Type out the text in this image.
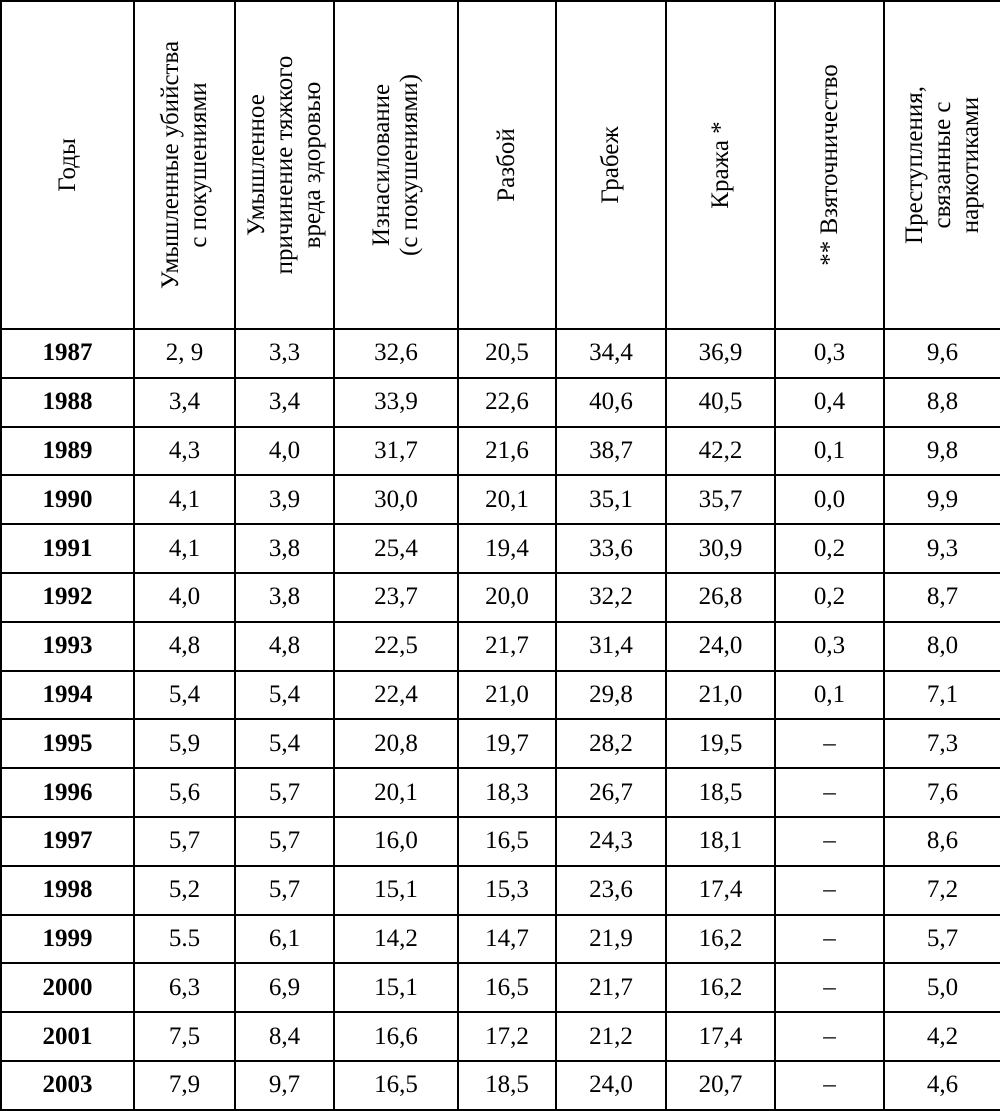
Годы	Умышленные убийства
с покушениями	Умышленное
причинение тяжкого
вреда здоровью	Изнасилование
(с покушениями)	Разбой	Грабеж	Кража *	** Взяточничество	Преступления,
связанные с
наркотиками

1987	2, 9	3,3	32,6	20,5	34,4	36,9	0,3	9,6
1988	3,4	3,4	33,9	22,6	40,6	40,5	0,4	8,8
1989	4,3	4,0	31,7	21,6	38,7	42,2	0,1	9,8
1990	4,1	3,9	30,0	20,1	35,1	35,7	0,0	9,9
1991	4,1	3,8	25,4	19,4	33,6	30,9	0,2	9,3
1992	4,0	3,8	23,7	20,0	32,2	26,8	0,2	8,7
1993	4,8	4,8	22,5	21,7	31,4	24,0	0,3	8,0
1994	5,4	5,4	22,4	21,0	29,8	21,0	0,1	7,1
1995	5,9	5,4	20,8	19,7	28,2	19,5	–	7,3
1996	5,6	5,7	20,1	18,3	26,7	18,5	–	7,6
1997	5,7	5,7	16,0	16,5	24,3	18,1	–	8,6
1998	5,2	5,7	15,1	15,3	23,6	17,4	–	7,2
1999	5.5	6,1	14,2	14,7	21,9	16,2	–	5,7
2000	6,3	6,9	15,1	16,5	21,7	16,2	–	5,0
2001	7,5	8,4	16,6	17,2	21,2	17,4	–	4,2
2003	7,9	9,7	16,5	18,5	24,0	20,7	–	4,6
